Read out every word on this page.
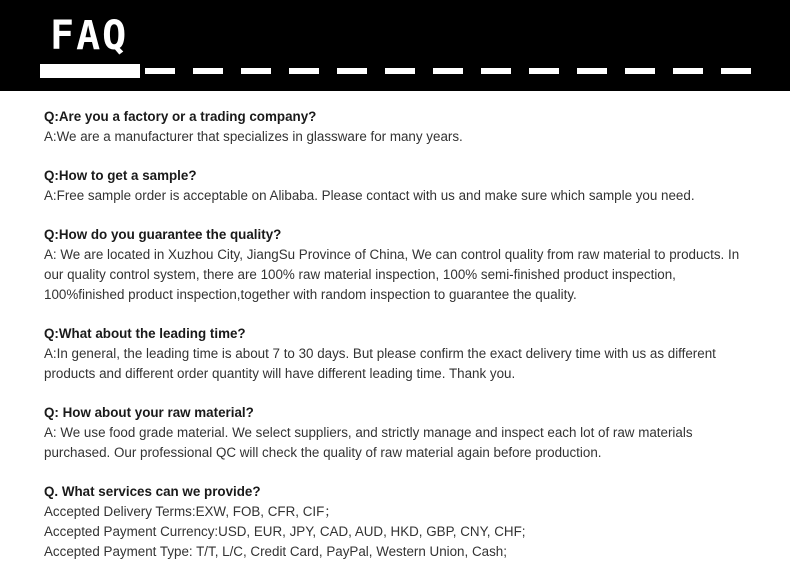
FAQ
Q:Are you a factory or a trading company?
A:We are a manufacturer that specializes in glassware for many years.
Q:How to get a sample?
A:Free sample order is acceptable on Alibaba. Please contact with us and make sure which sample you need.
Q:How do you guarantee the quality?
A: We are located in Xuzhou City, JiangSu Province of China, We can control quality from raw material to products. In
our quality control system, there are 100% raw material inspection, 100% semi-finished product inspection,
100%finished product inspection,together with random inspection to guarantee the quality.
Q:What about the leading time?
A:In general, the leading time is about 7 to 30 days. But please confirm the exact delivery time with us as different
products and different order quantity will have different leading time. Thank you.
Q: How about your raw material?
A: We use food grade material. We select suppliers, and strictly manage and inspect each lot of raw materials
purchased. Our professional QC will check the quality of raw material again before production.
Q. What services can we provide?
Accepted Delivery Terms:EXW, FOB, CFR, CIF；
Accepted Payment Currency:USD, EUR, JPY, CAD, AUD, HKD, GBP, CNY, CHF;
Accepted Payment Type: T/T, L/C, Credit Card, PayPal, Western Union, Cash;
